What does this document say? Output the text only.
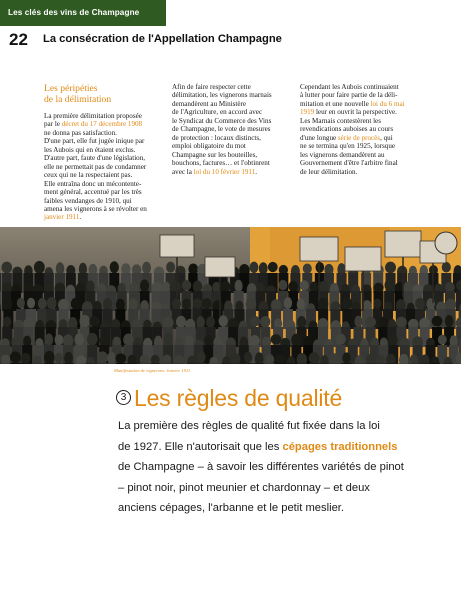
Les clés des vins de Champagne
22 La consécration de l'Appellation Champagne
Les péripéties
de la délimitation
La première délimitation proposée
par le décret du 17 décembre 1908
ne donna pas satisfaction.
D'une part, elle fut jugée inique par
les Aubois qui en étaient exclus.
D'autre part, faute d'une législation,
elle ne permettait pas de condamner
ceux qui ne la respectaient pas.
Elle entraîna donc un mécontente-
ment général, accentué par les très
faibles vendanges de 1910, qui
amena les vignerons à se révolter en
janvier 1911.
Afin de faire respecter cette
délimitation, les vignerons marnais
demandèrent au Ministère
de l'Agriculture, en accord avec
le Syndicat du Commerce des Vins
de Champagne, le vote de mesures
de protection : locaux distincts,
emploi obligatoire du mot
Champagne sur les bouteilles,
bouchons, factures… et l'obtinrent
avec la loi du 10 février 1911.
Cependant les Aubois continuaient
à lutter pour faire partie de la déli-
mitation et une nouvelle loi du 6 mai
1919 leur en ouvrit la perspective.
Les Marnais contestèrent les
revendications auboises au cours
d'une longue série de procès, qui
ne se termina qu'en 1925, lorsque
les vignerons demandèrent au
Gouvernement d'être l'arbitre final
de leur délimitation.
Manifestation de vignerons. Janvier 1911
3 Les règles de qualité
La première des règles de qualité fut fixée dans la loi
de 1927. Elle n'autorisait que les cépages traditionnels
de Champagne – à savoir les différentes variétés de pinot
– pinot noir, pinot meunier et chardonnay – et deux
anciens cépages, l'arbanne et le petit meslier.
